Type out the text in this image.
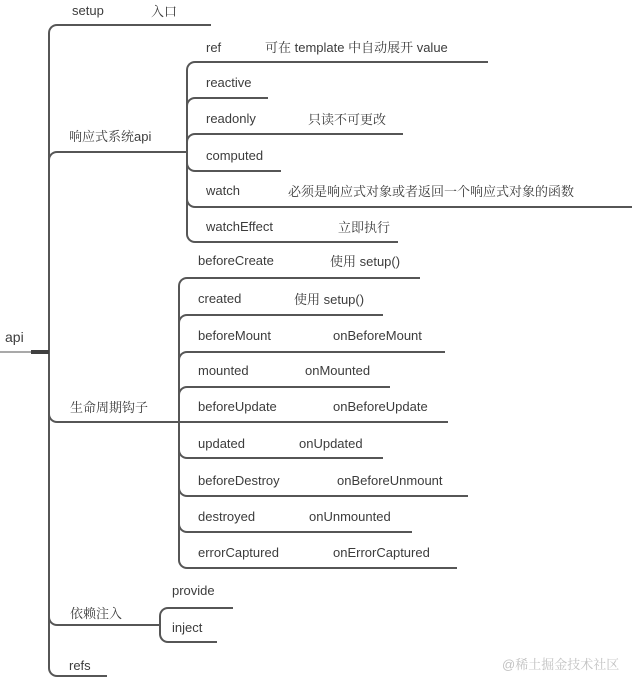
api
setup	入口
响应式系统api
ref	可在 template 中自动展开 value
reactive
readonly	只读不可更改
computed
watch	必须是响应式对象或者返回一个响应式对象的函数
watchEffect	立即执行
生命周期钩子
beforeCreate	使用 setup()
created	使用 setup()
beforeMount	onBeforeMount
mounted	onMounted
beforeUpdate	onBeforeUpdate
updated	onUpdated
beforeDestroy	onBeforeUnmount
destroyed	onUnmounted
errorCaptured	onErrorCaptured
依赖注入
provide
inject
refs	@稀土掘金技术社区
